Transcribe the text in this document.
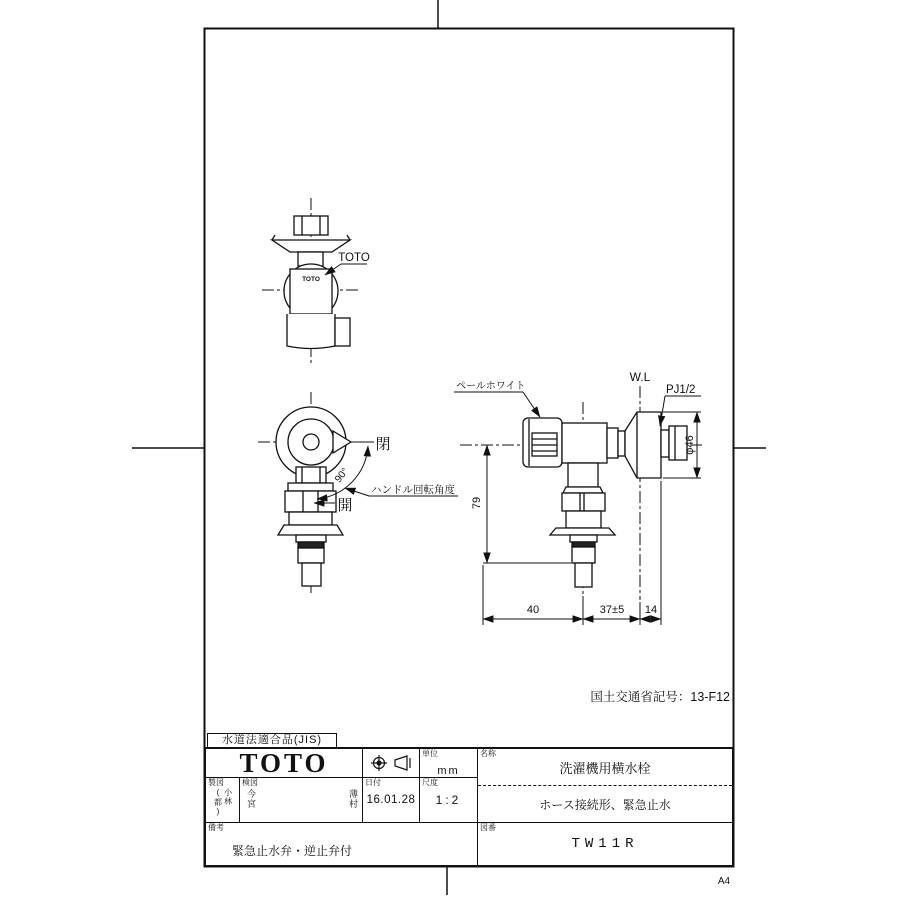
TOTO
TOTO
閉
90°
ハンドル回転角度
開	79
φ46
40	37±5 14
ペールホワイト
W.L
PJ1/2
国土交通省記号：13-F12
A4
水道法適合品(JIS)
TOTO	単位
mm
名称
洗濯機用横水栓
製図
小林(都)
検図
今宮	薄村
日付
16.01.28
尺度
1:2	ホース接続形、緊急止水
備考
緊急止水弁・逆止弁付
図番
TW11R
